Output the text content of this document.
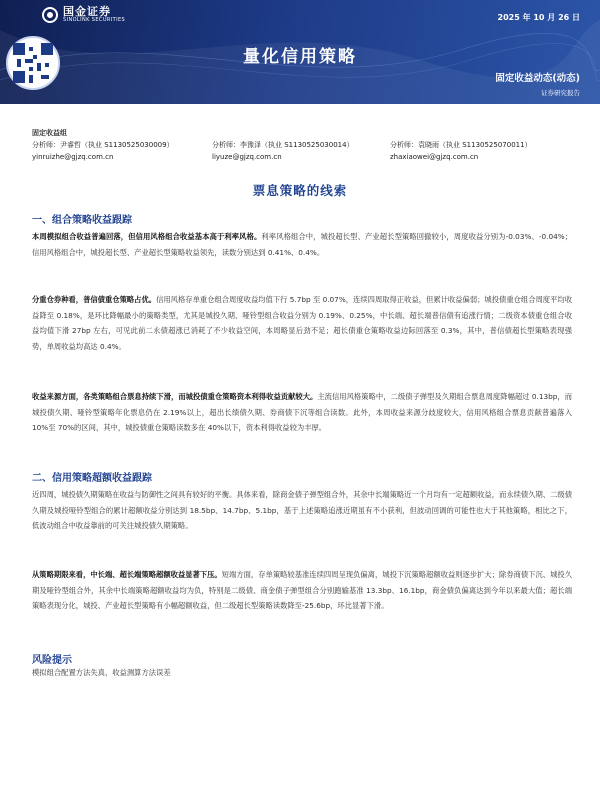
国金证券
SINOLINK SECURITIES	2025 年 10 月 26 日
量化信用策略
固定收益动态(动态)
证券研究报告
固定收益组
分析师：尹睿哲（执业 S1130525030009）
yinruizhe@gjzq.com.cn
分析师：李豫泽（执业 S1130525030014）
liyuze@gjzq.com.cn
分析师：袁晓雨（执业 S1130525070011）
zhaxiaowei@gjzq.com.cn
票息策略的线索
一、组合策略收益跟踪
本周模拟组合收益普遍回落，但信用风格组合收益基本高于利率风格。利率风格组合中，城投超长型、产业超长型策略回撤较小，周度收益分别为-0.03%、-0.04%；信用风格组合中，城投超长型、产业超长型策略收益领先，读数分别达到 0.41%、0.4%。
分重仓券种看，普信债重仓策略占优。信用风格存单重仓组合周度收益均值下行 5.7bp 至 0.07%，连续四周取得正收益，但累计收益偏弱；城投债重仓组合周度平均收益降至 0.18%，是环比降幅最小的策略类型，尤其是城投久期、哑铃型组合收益分别为 0.19%、0.25%，中长端、超长端普信债有追涨行情；二级资本债重仓组合收益均值下滑 27bp 左右，可见此前二永债超涨已消耗了不少收益空间，本周略显后劲不足；超长债重仓策略收益边际回落至 0.3%，其中，普信债超长型策略表现强势，单周收益均高达 0.4%。
收益来源方面，各类策略组合票息持续下滑，而城投债重仓策略资本利得收益贡献较大。主流信用风格策略中，二级债子弹型及久期组合票息周度降幅超过 0.13bp，而城投债久期、哑铃型策略年化票息仍在 2.19%以上，超出长绩债久期、券商债下沉等组合读数。此外，本周收益来源分歧度较大，信用风格组合票息贡献普遍落入 10%至 70%的区间，其中，城投债重仓策略读数多在 40%以下，资本利得收益较为丰厚。
二、信用策略超额收益跟踪
近四周，城投债久期策略在收益与防御性之间具有较好的平衡。具体来看，除商金债子弹型组合外，其余中长端策略近一个月均有一定超额收益，而永续债久期、二级债久期及城投哑铃型组合的累计超额收益分别达到 18.5bp、14.7bp、5.1bp，基于上述策略追涨近期虽有不小获利，但波动回调的可能性也大于其他策略，相比之下，低波动组合中收益靠前的可关注城投债久期策略。
从策略期限来看，中长端、超长端策略超额收益显著下压。短端方面，存单策略较基准连续四周呈现负偏离，城投下沉策略超额收益则逐步扩大；除券商债下沉、城投久期及哑铃型组合外，其余中长端策略超额收益均为负，特别是二级债、商金债子弹型组合分别跑输基准 13.3bp、16.1bp，商金债负偏离达到今年以来最大值；超长端策略表现分化，城投、产业超长型策略有小幅超额收益，但二级超长型策略读数降至-25.6bp，环比显著下滑。
风险提示
模拟组合配置方法失真，收益测算方法误差
